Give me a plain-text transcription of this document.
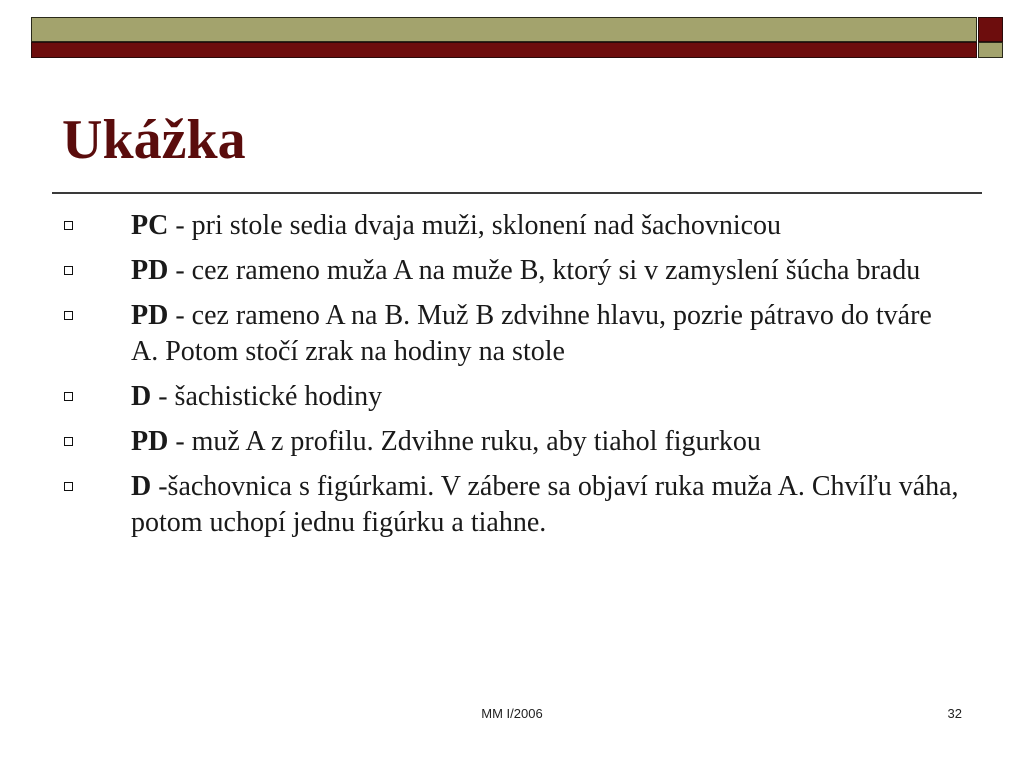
Ukážka
PC - pri stole sedia dvaja muži, sklonení nad šachovnicou
PD - cez rameno muža A na muže B, ktorý si v zamyslení šúcha bradu
PD - cez rameno A na B. Muž B zdvihne hlavu, pozrie pátravo do tváre A. Potom stočí zrak na hodiny na stole
D - šachistické hodiny
PD - muž A z profilu. Zdvihne ruku, aby tiahol figurkou
D -šachovnica s figúrkami. V zábere sa objaví ruka muža A. Chvíľu váha, potom uchopí jednu figúrku a tiahne.
MM I/2006	32
